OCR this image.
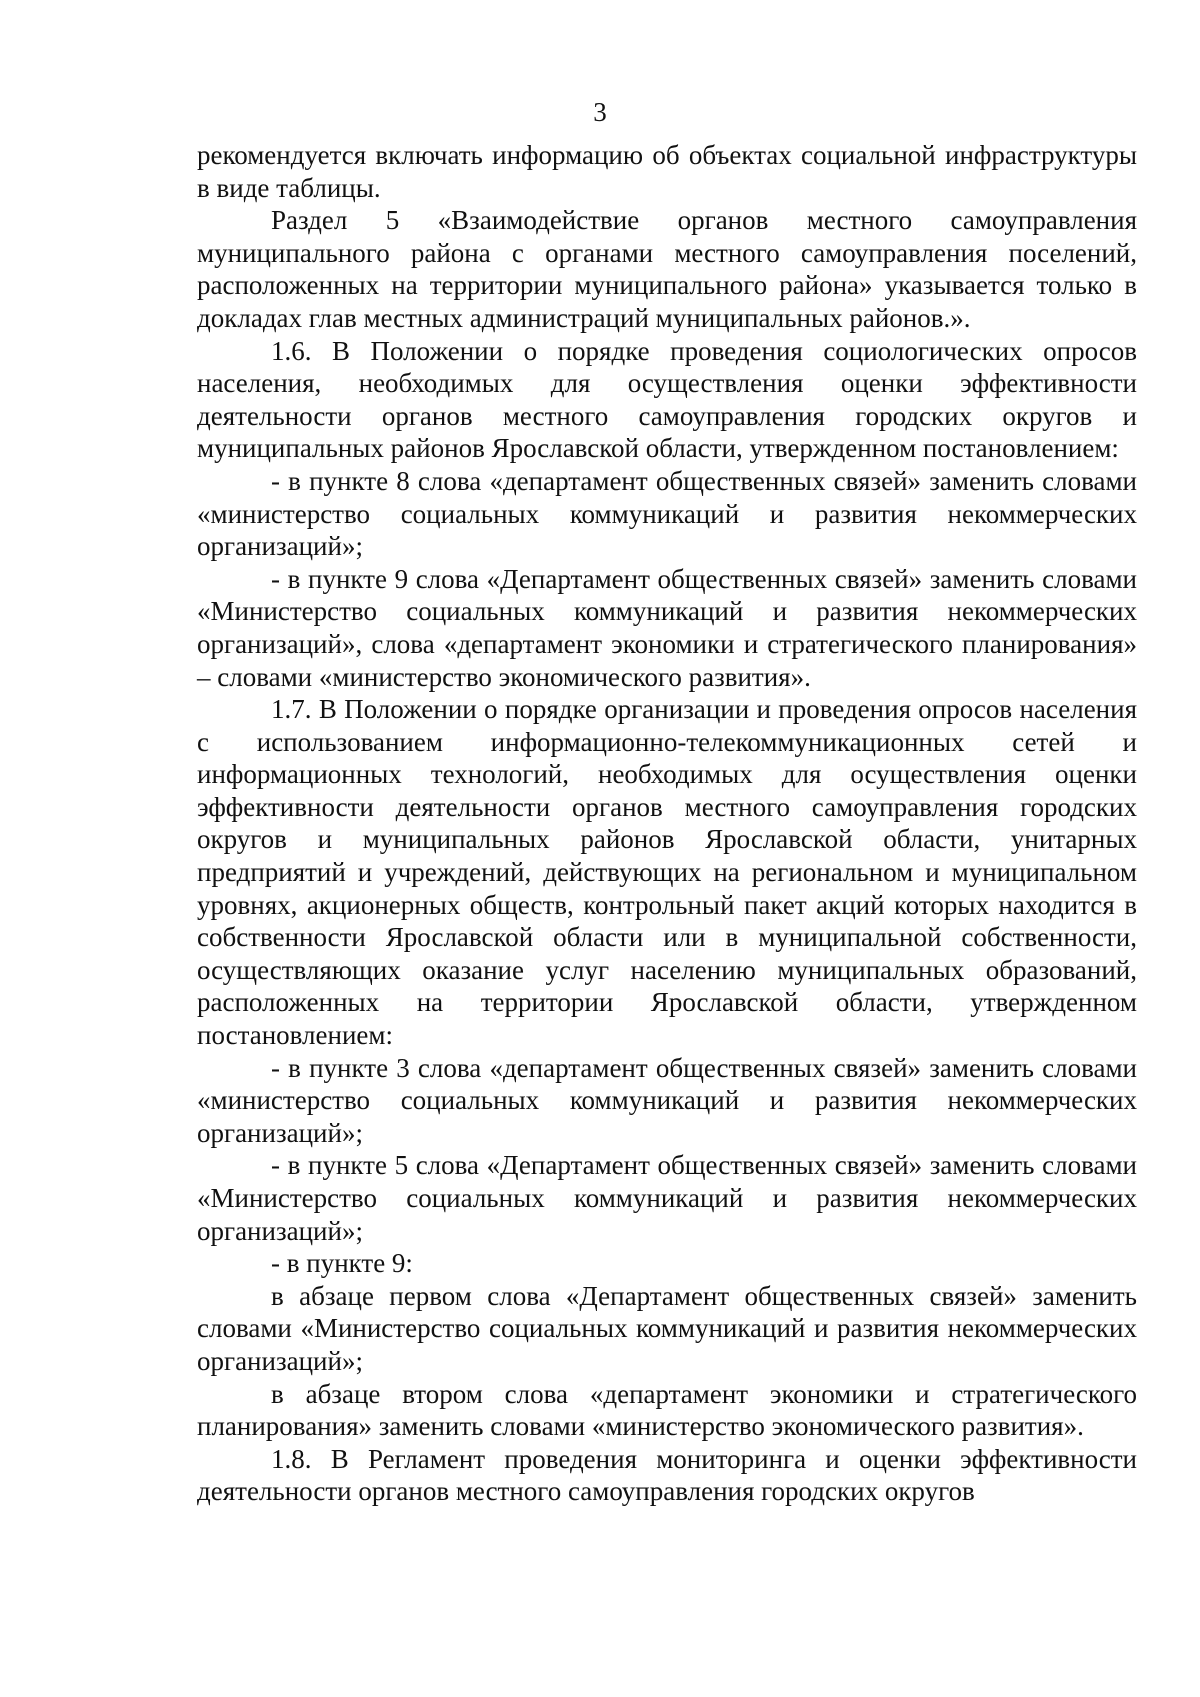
3

рекомендуется включать информацию об объектах социальной инфраструктуры в виде таблицы.

Раздел 5 «Взаимодействие органов местного самоуправления муниципального района с органами местного самоуправления поселений, расположенных на территории муниципального района» указывается только в докладах глав местных администраций муниципальных районов.».

1.6. В Положении о порядке проведения социологических опросов населения, необходимых для осуществления оценки эффективности деятельности органов местного самоуправления городских округов и муниципальных районов Ярославской области, утвержденном постановлением:

- в пункте 8 слова «департамент общественных связей» заменить словами «министерство социальных коммуникаций и развития некоммерческих организаций»;

- в пункте 9 слова «Департамент общественных связей» заменить словами «Министерство социальных коммуникаций и развития некоммерческих организаций», слова «департамент экономики и стратегического планирования» – словами «министерство экономического развития».

1.7. В Положении о порядке организации и проведения опросов населения с использованием информационно-телекоммуникационных сетей и информационных технологий, необходимых для осуществления оценки эффективности деятельности органов местного самоуправления городских округов и муниципальных районов Ярославской области, унитарных предприятий и учреждений, действующих на региональном и муниципальном уровнях, акционерных обществ, контрольный пакет акций которых находится в собственности Ярославской области или в муниципальной собственности, осуществляющих оказание услуг населению муниципальных образований, расположенных на территории Ярославской области, утвержденном постановлением:

- в пункте 3 слова «департамент общественных связей» заменить словами «министерство социальных коммуникаций и развития некоммерческих организаций»;

- в пункте 5 слова «Департамент общественных связей» заменить словами «Министерство социальных коммуникаций и развития некоммерческих организаций»;

- в пункте 9:

в абзаце первом слова «Департамент общественных связей» заменить словами «Министерство социальных коммуникаций и развития некоммерческих организаций»;

в абзаце втором слова «департамент экономики и стратегического планирования» заменить словами «министерство экономического развития».

1.8. В Регламент проведения мониторинга и оценки эффективности деятельности органов местного самоуправления городских округов
